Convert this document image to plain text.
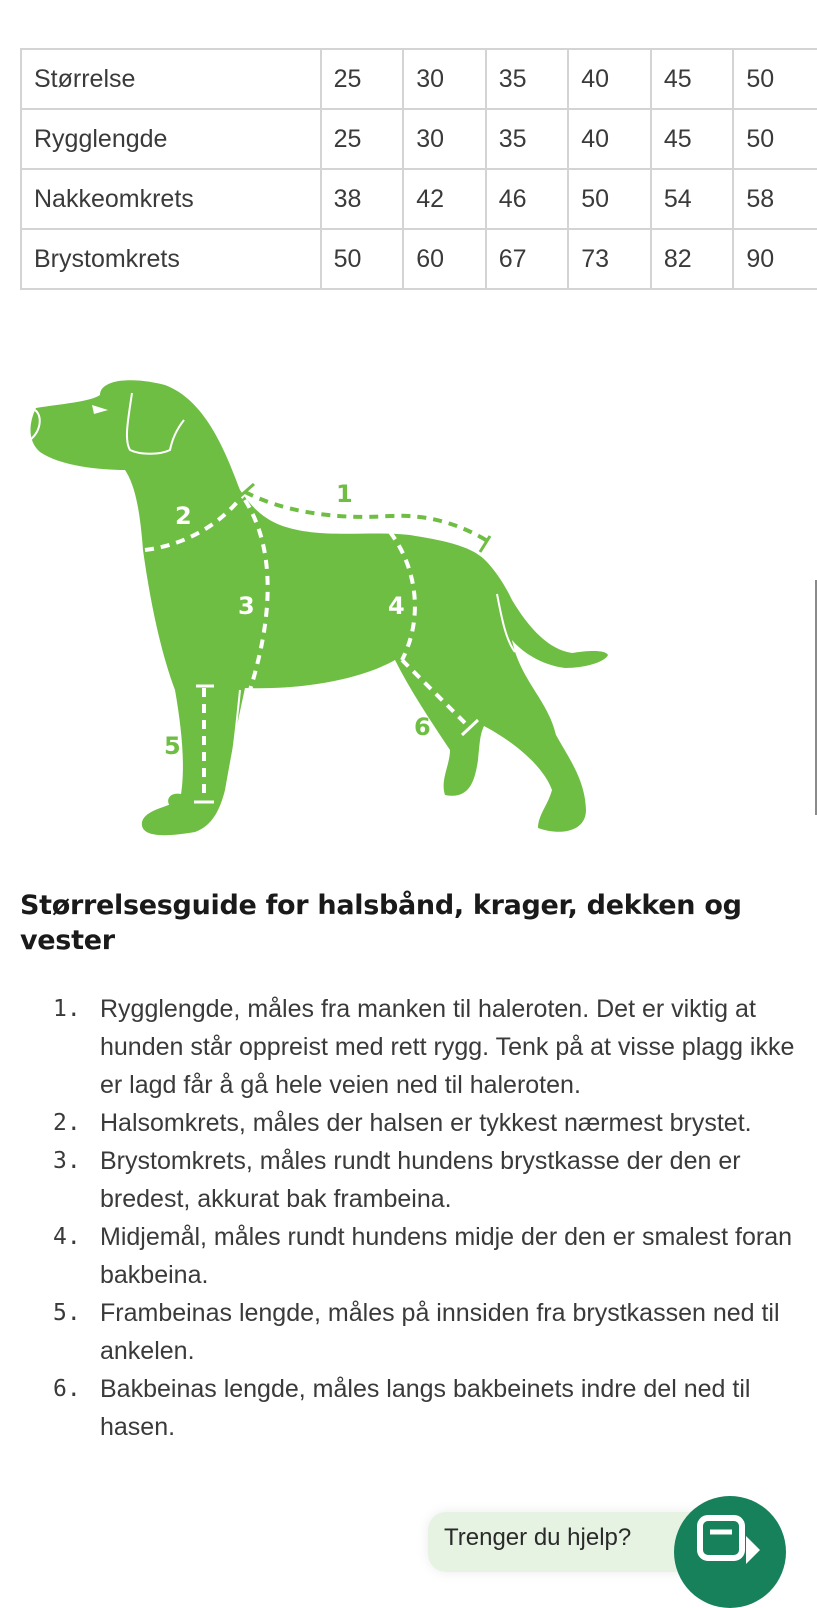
Størrelse	25	30	35	40	45	50
Rygglengde	25	30	35	40	45	50
Nakkeomkrets	38	42	46	50	54	58
Brystomkrets	50	60	67	73	82	90
1
2
3	4
5
6
Størrelsesguide for halsbånd, krager, dekken og vester
1. Rygglengde, måles fra manken til haleroten. Det er viktig at hunden står oppreist med rett rygg. Tenk på at visse plagg ikke er lagd får å gå hele veien ned til haleroten.
2. Halsomkrets, måles der halsen er tykkest nærmest brystet.
3. Brystomkrets, måles rundt hundens brystkasse der den er bredest, akkurat bak frambeina.
4. Midjemål, måles rundt hundens midje der den er smalest foran bakbeina.
5. Frambeinas lengde, måles på innsiden fra brystkassen ned til ankelen.
6. Bakbeinas lengde, måles langs bakbeinets indre del ned til hasen.
Trenger du hjelp?
